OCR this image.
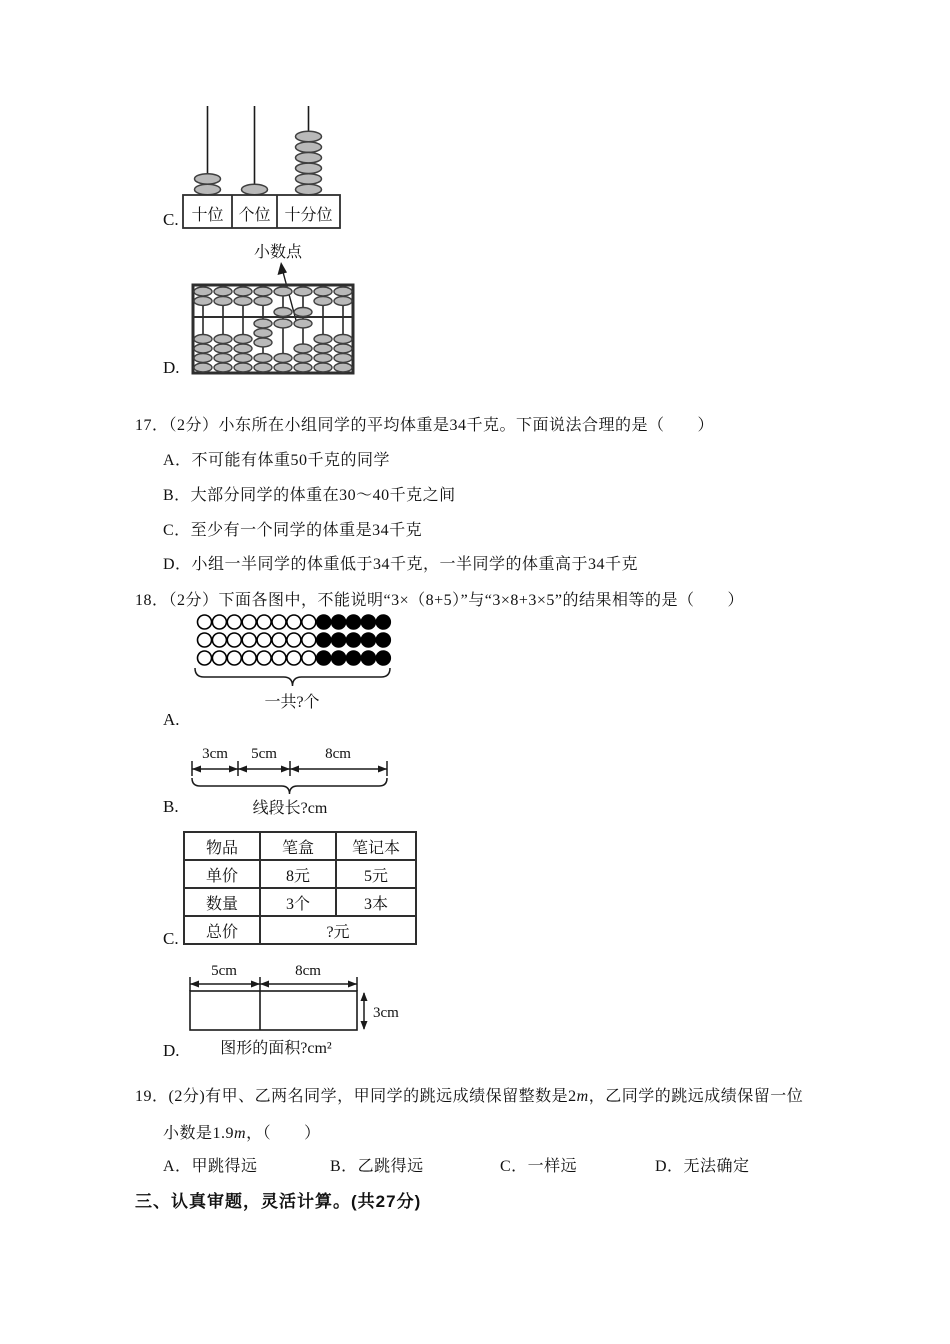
十位 个位 十分位
C.
小数点
D.
17．（2分）小东所在小组同学的平均体重是34千克。下面说法合理的是（　　）
A．不可能有体重50千克的同学
B．大部分同学的体重在30～40千克之间
C．至少有一个同学的体重是34千克
D．小组一半同学的体重低于34千克，一半同学的体重高于34千克
18．（2分）下面各图中，不能说明“3×（8+5）”与“3×8+3×5”的结果相等的是（　　）
一共?个
A.
3cm 5cm	8cm
线段长?cm
B.
物品	笔盒	笔记本
单价	8元	5元
数量	3个	3本
总价	?元	
C.
5cm	8cm
3cm
图形的面积?cm²
D.
19．(2分)有甲、乙两名同学，甲同学的跳远成绩保留整数是2m，乙同学的跳远成绩保留一位
小数是1.9m，（　　）
A．甲跳得远	B．乙跳得远	C．一样远	D．无法确定
三、认真审题，灵活计算。(共27分)
